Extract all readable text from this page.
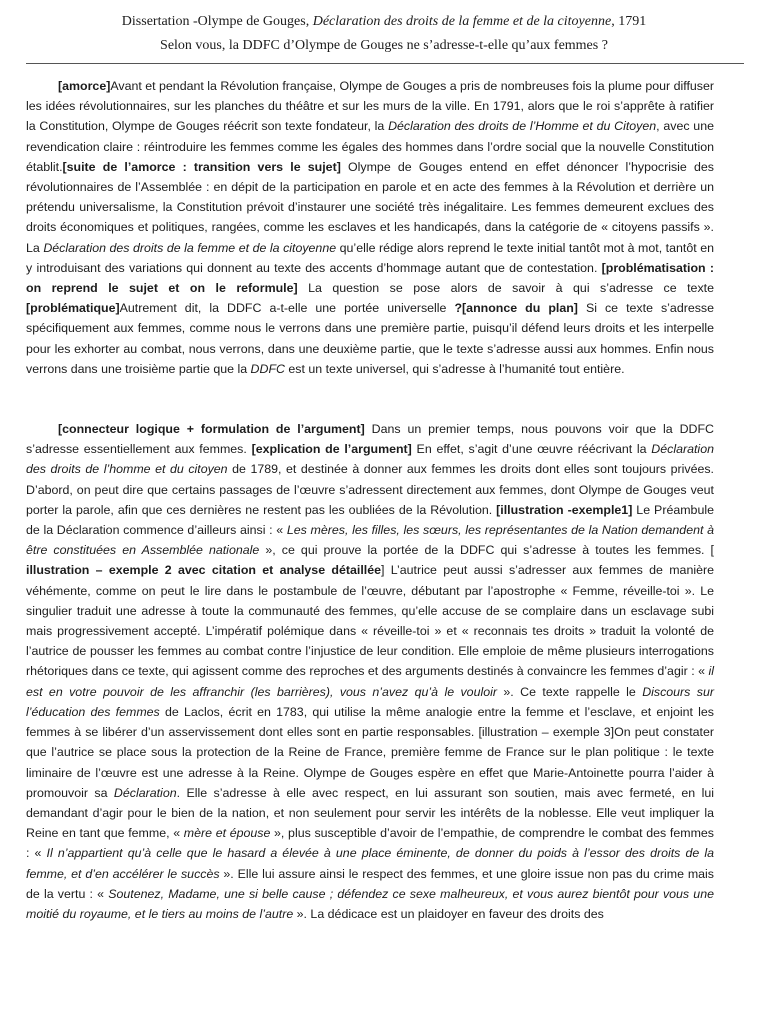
Dissertation -Olympe de Gouges, Déclaration des droits de la femme et de la citoyenne, 1791
Selon vous, la DDFC d’Olympe de Gouges ne s’adresse-t-elle qu’aux femmes ?

[amorce]Avant et pendant la Révolution française, Olympe de Gouges a pris de nombreuses fois la plume pour diffuser les idées révolutionnaires, sur les planches du théâtre et sur les murs de la ville. En 1791, alors que le roi s’apprête à ratifier la Constitution, Olympe de Gouges réécrit son texte fondateur, la Déclaration des droits de l’Homme et du Citoyen, avec une revendication claire : réintroduire les femmes comme les égales des hommes dans l’ordre social que la nouvelle Constitution établit.[suite de l’amorce : transition vers le sujet] Olympe de Gouges entend en effet dénoncer l’hypocrisie des révolutionnaires de l’Assemblée : en dépit de la participation en parole et en acte des femmes à la Révolution et derrière un prétendu universalisme, la Constitution prévoit d’instaurer une société très inégalitaire. Les femmes demeurent exclues des droits économiques et politiques, rangées, comme les esclaves et les handicapés, dans la catégorie de « citoyens passifs ». La Déclaration des droits de la femme et de la citoyenne qu’elle rédige alors reprend le texte initial tantôt mot à mot, tantôt en y introduisant des variations qui donnent au texte des accents d’hommage autant que de contestation. [problématisation : on reprend le sujet et on le reformule] La question se pose alors de savoir à qui s’adresse ce texte [problématique]Autrement dit, la DDFC a-t-elle une portée universelle ?[annonce du plan] Si ce texte s’adresse spécifiquement aux femmes, comme nous le verrons dans une première partie, puisqu’il défend leurs droits et les interpelle pour les exhorter au combat, nous verrons, dans une deuxième partie, que le texte s’adresse aussi aux hommes. Enfin nous verrons dans une troisième partie que la DDFC est un texte universel, qui s’adresse à l’humanité tout entière.

[connecteur logique + formulation de l’argument] Dans un premier temps, nous pouvons voir que la DDFC s’adresse essentiellement aux femmes. [explication de l’argument] En effet, s’agit d’une œuvre réécrivant la Déclaration des droits de l’homme et du citoyen de 1789, et destinée à donner aux femmes les droits dont elles sont toujours privées. D’abord, on peut dire que certains passages de l’œuvre s’adressent directement aux femmes, dont Olympe de Gouges veut porter la parole, afin que ces dernières ne restent pas les oubliées de la Révolution. [illustration -exemple1] Le Préambule de la Déclaration commence d’ailleurs ainsi : « Les mères, les filles, les sœurs, les représentantes de la Nation demandent à être constituées en Assemblée nationale », ce qui prouve la portée de la DDFC qui s’adresse à toutes les femmes. [ illustration – exemple 2 avec citation et analyse détaillée] L’autrice peut aussi s’adresser aux femmes de manière véhémente, comme on peut le lire dans le postambule de l’œuvre, débutant par l’apostrophe « Femme, réveille-toi ». Le singulier traduit une adresse à toute la communauté des femmes, qu’elle accuse de se complaire dans un esclavage subi mais progressivement accepté. L’impératif polémique dans « réveille-toi » et « reconnais tes droits » traduit la volonté de l’autrice de pousser les femmes au combat contre l’injustice de leur condition. Elle emploie de même plusieurs interrogations rhétoriques dans ce texte, qui agissent comme des reproches et des arguments destinés à convaincre les femmes d’agir : « il est en votre pouvoir de les affranchir (les barrières), vous n’avez qu’à le vouloir ». Ce texte rappelle le Discours sur l’éducation des femmes de Laclos, écrit en 1783, qui utilise la même analogie entre la femme et l’esclave, et enjoint les femmes à se libérer d’un asservissement dont elles sont en partie responsables. [illustration – exemple 3]On peut constater que l’autrice se place sous la protection de la Reine de France, première femme de France sur le plan politique : le texte liminaire de l’œuvre est une adresse à la Reine. Olympe de Gouges espère en effet que Marie-Antoinette pourra l’aider à promouvoir sa Déclaration. Elle s’adresse à elle avec respect, en lui assurant son soutien, mais avec fermeté, en lui demandant d’agir pour le bien de la nation, et non seulement pour servir les intérêts de la noblesse. Elle veut impliquer la Reine en tant que femme, « mère et épouse », plus susceptible d’avoir de l’empathie, de comprendre le combat des femmes : « Il n’appartient qu’à celle que le hasard a élevée à une place éminente, de donner du poids à l’essor des droits de la femme, et d’en accélérer le succès ». Elle lui assure ainsi le respect des femmes, et une gloire issue non pas du crime mais de la vertu : « Soutenez, Madame, une si belle cause ; défendez ce sexe malheureux, et vous aurez bientôt pour vous une moitié du royaume, et le tiers au moins de l’autre ». La dédicace est un plaidoyer en faveur des droits des
